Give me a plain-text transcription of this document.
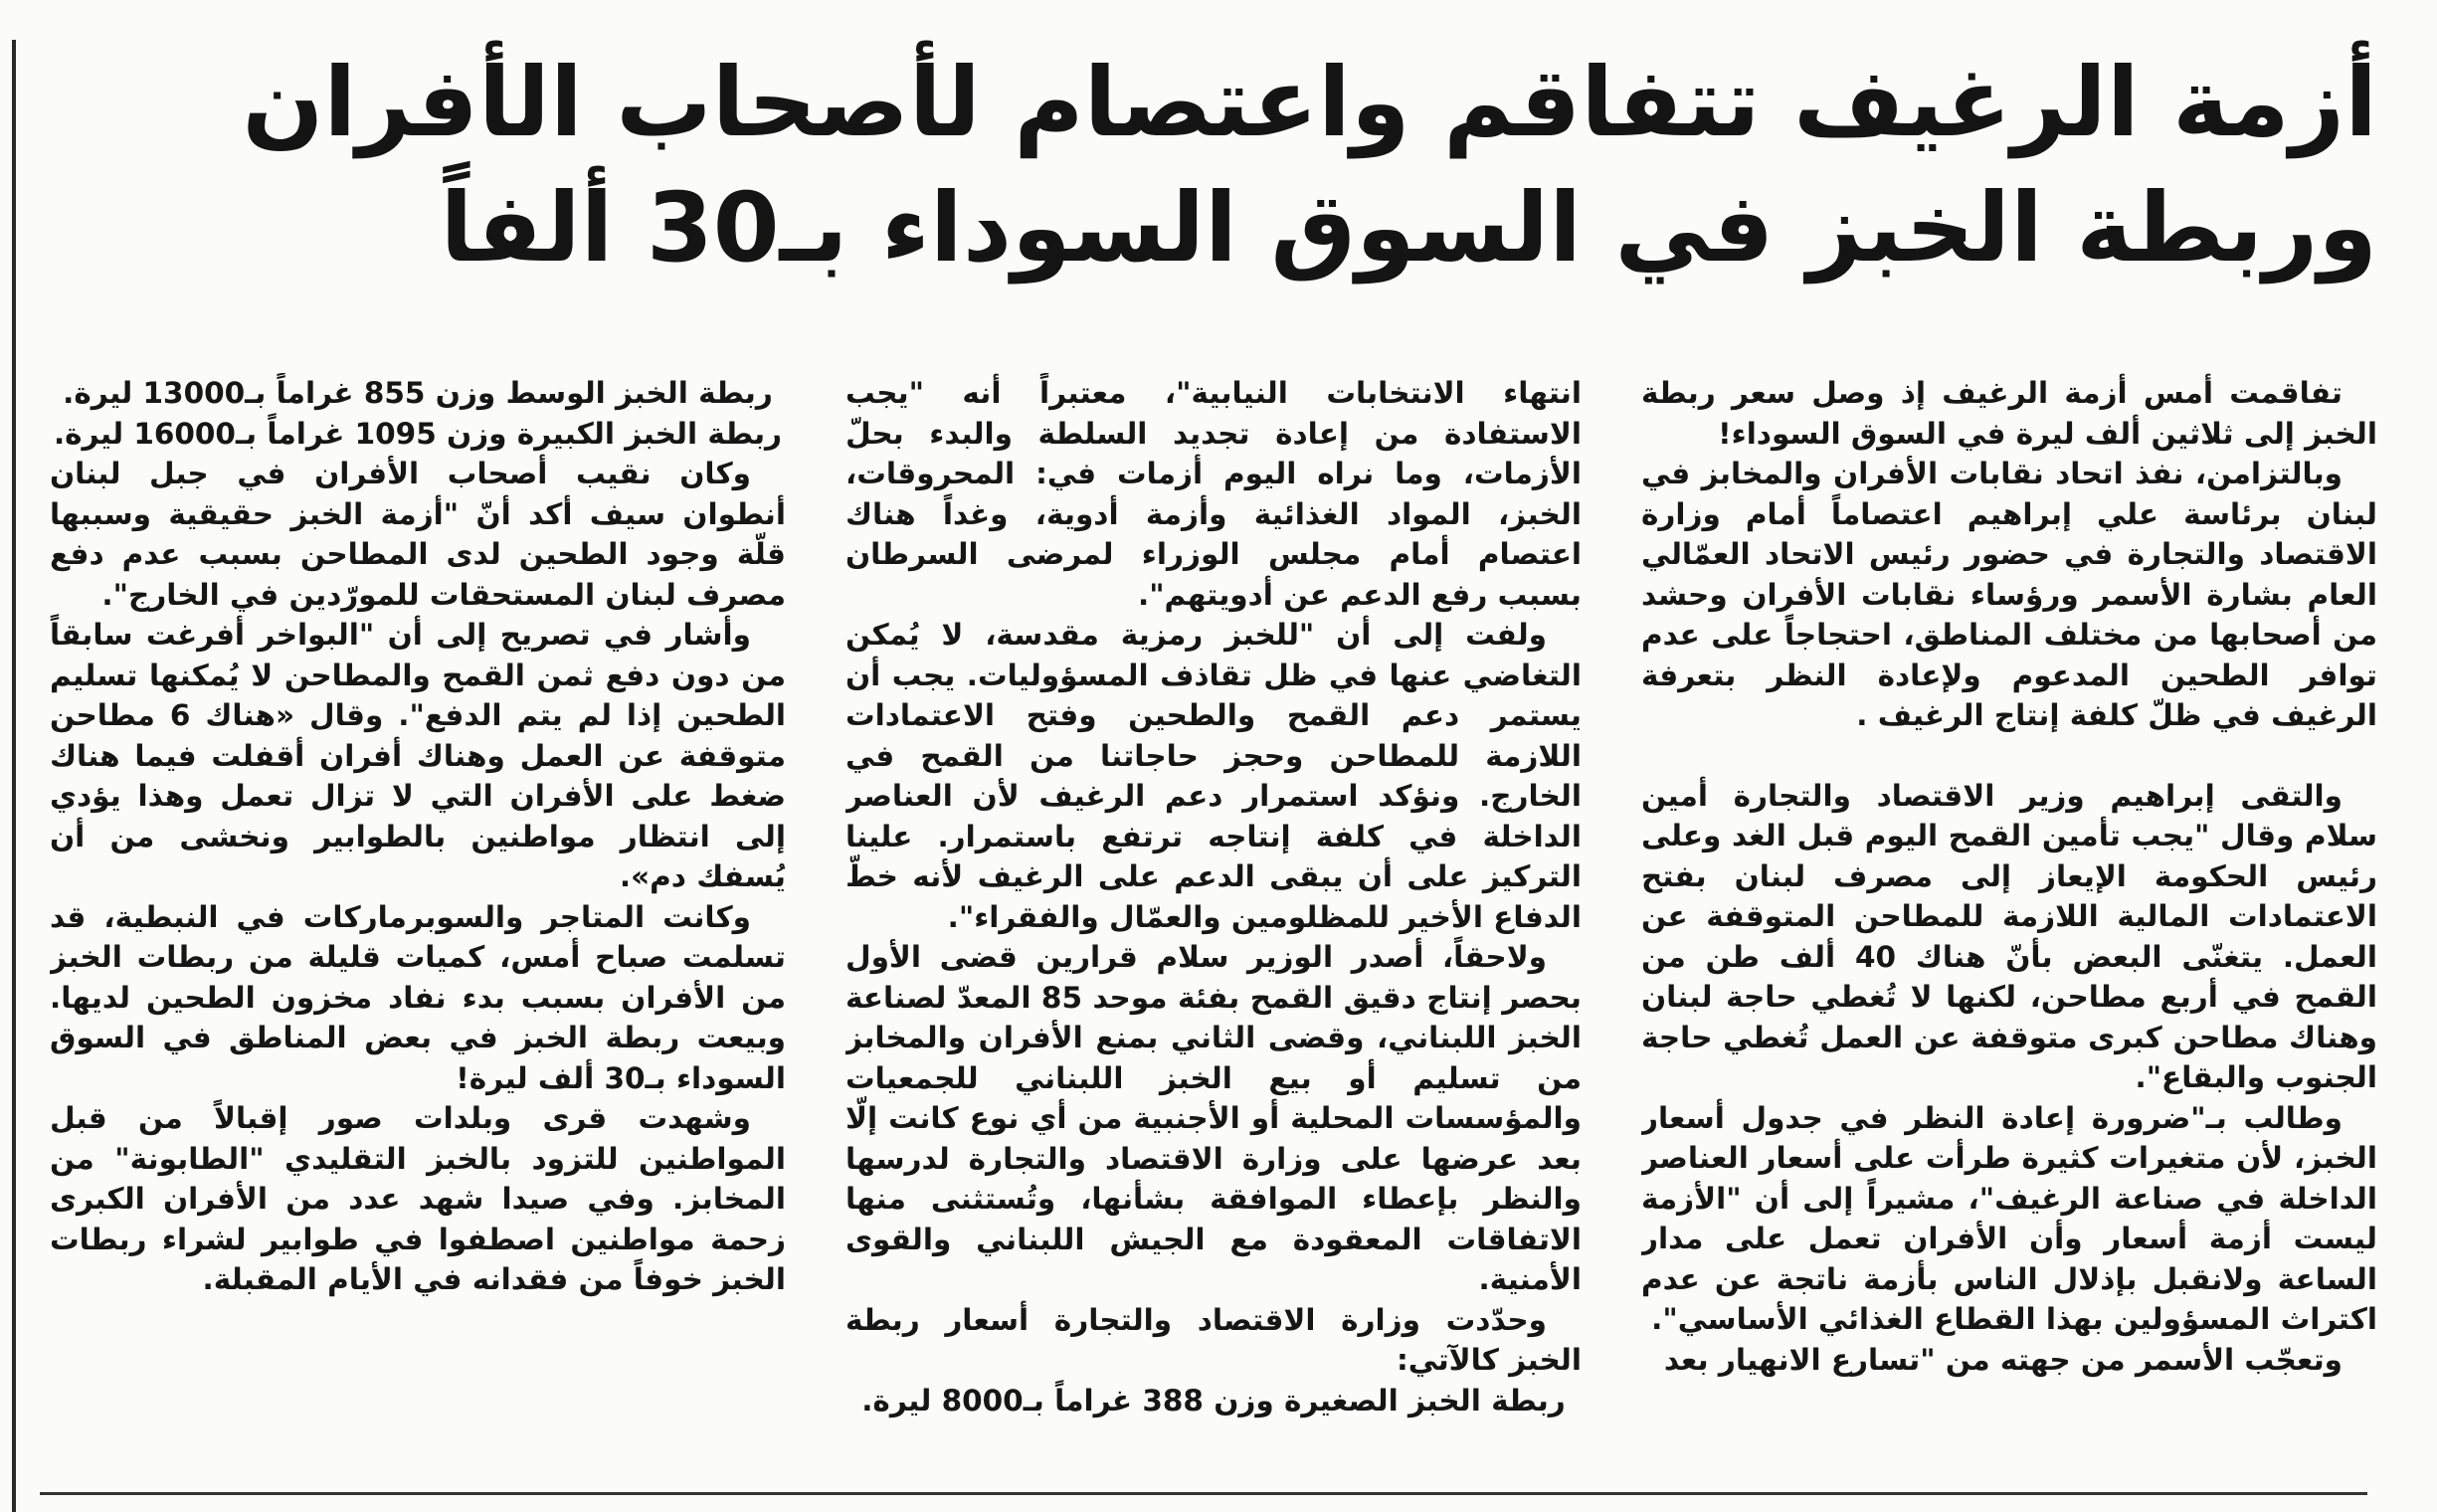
أزمة الرغيف تتفاقم واعتصام لأصحاب الأفران
وربطة الخبز في السوق السوداء بـ30 ألفاً

تفاقمت أمس أزمة الرغيف إذ وصل سعر ربطة الخبز إلى ثلاثين ألف ليرة في السوق السوداء!

وبالتزامن، نفذ اتحاد نقابات الأفران والمخابز في لبنان برئاسة علي إبراهيم اعتصاماً أمام وزارة الاقتصاد والتجارة في حضور رئيس الاتحاد العمّالي العام بشارة الأسمر ورؤساء نقابات الأفران وحشد من أصحابها من مختلف المناطق، احتجاجاً على عدم توافر الطحين المدعوم ولإعادة النظر بتعرفة الرغيف في ظلّ كلفة إنتاج الرغيف .

والتقى إبراهيم وزير الاقتصاد والتجارة أمين سلام وقال "يجب تأمين القمح اليوم قبل الغد وعلى رئيس الحكومة الإيعاز إلى مصرف لبنان بفتح الاعتمادات المالية اللازمة للمطاحن المتوقفة عن العمل. يتغنّى البعض بأنّ هناك 40 ألف طن من القمح في أربع مطاحن، لكنها لا تُغطي حاجة لبنان وهناك مطاحن كبرى متوقفة عن العمل تُغطي حاجة الجنوب والبقاع".

وطالب بـ"ضرورة إعادة النظر في جدول أسعار الخبز، لأن متغيرات كثيرة طرأت على أسعار العناصر الداخلة في صناعة الرغيف"، مشيراً إلى أن "الأزمة ليست أزمة أسعار وأن الأفران تعمل على مدار الساعة ولانقبل بإذلال الناس بأزمة ناتجة عن عدم اكتراث المسؤولين بهذا القطاع الغذائي الأساسي".

وتعجّب الأسمر من جهته من "تسارع الانهيار بعد

انتهاء الانتخابات النيابية"، معتبراً أنه "يجب الاستفادة من إعادة تجديد السلطة والبدء بحلّ الأزمات، وما نراه اليوم أزمات في: المحروقات، الخبز، المواد الغذائية وأزمة أدوية، وغداً هناك اعتصام أمام مجلس الوزراء لمرضى السرطان بسبب رفع الدعم عن أدويتهم".

ولفت إلى أن "للخبز رمزية مقدسة، لا يُمكن التغاضي عنها في ظل تقاذف المسؤوليات. يجب أن يستمر دعم القمح والطحين وفتح الاعتمادات اللازمة للمطاحن وحجز حاجاتنا من القمح في الخارج. ونؤكد استمرار دعم الرغيف لأن العناصر الداخلة في كلفة إنتاجه ترتفع باستمرار. علينا التركيز على أن يبقى الدعم على الرغيف لأنه خطّ الدفاع الأخير للمظلومين والعمّال والفقراء".

ولاحقاً، أصدر الوزير سلام قرارين قضى الأول بحصر إنتاج دقيق القمح بفئة موحد 85 المعدّ لصناعة الخبز اللبناني، وقضى الثاني بمنع الأفران والمخابز من تسليم أو بيع الخبز اللبناني للجمعيات والمؤسسات المحلية أو الأجنبية من أي نوع كانت إلّا بعد عرضها على وزارة الاقتصاد والتجارة لدرسها والنظر بإعطاء الموافقة بشأنها، وتُستثنى منها الاتفاقات المعقودة مع الجيش اللبناني والقوى الأمنية.

وحدّدت وزارة الاقتصاد والتجارة أسعار ربطة الخبز كالآتي:

ربطة الخبز الصغيرة وزن 388 غراماً بـ8000 ليرة.

ربطة الخبز الوسط وزن 855 غراماً بـ13000 ليرة.

ربطة الخبز الكبيرة وزن 1095 غراماً بـ16000 ليرة.

وكان نقيب أصحاب الأفران في جبل لبنان أنطوان سيف أكد أنّ "أزمة الخبز حقيقية وسببها قلّة وجود الطحين لدى المطاحن بسبب عدم دفع مصرف لبنان المستحقات للمورّدين في الخارج".

وأشار في تصريح إلى أن "البواخر أفرغت سابقاً من دون دفع ثمن القمح والمطاحن لا يُمكنها تسليم الطحين إذا لم يتم الدفع". وقال «هناك 6 مطاحن متوقفة عن العمل وهناك أفران أقفلت فيما هناك ضغط على الأفران التي لا تزال تعمل وهذا يؤدي إلى انتظار مواطنين بالطوابير ونخشى من أن يُسفك دم».

وكانت المتاجر والسوبرماركات في النبطية، قد تسلمت صباح أمس، كميات قليلة من ربطات الخبز من الأفران بسبب بدء نفاد مخزون الطحين لديها. وبيعت ربطة الخبز في بعض المناطق في السوق السوداء بـ30 ألف ليرة!

وشهدت قرى وبلدات صور إقبالاً من قبل المواطنين للتزود بالخبز التقليدي "الطابونة" من المخابز. وفي صيدا شهد عدد من الأفران الكبرى زحمة مواطنين اصطفوا في طوابير لشراء ربطات الخبز خوفاً من فقدانه في الأيام المقبلة.
